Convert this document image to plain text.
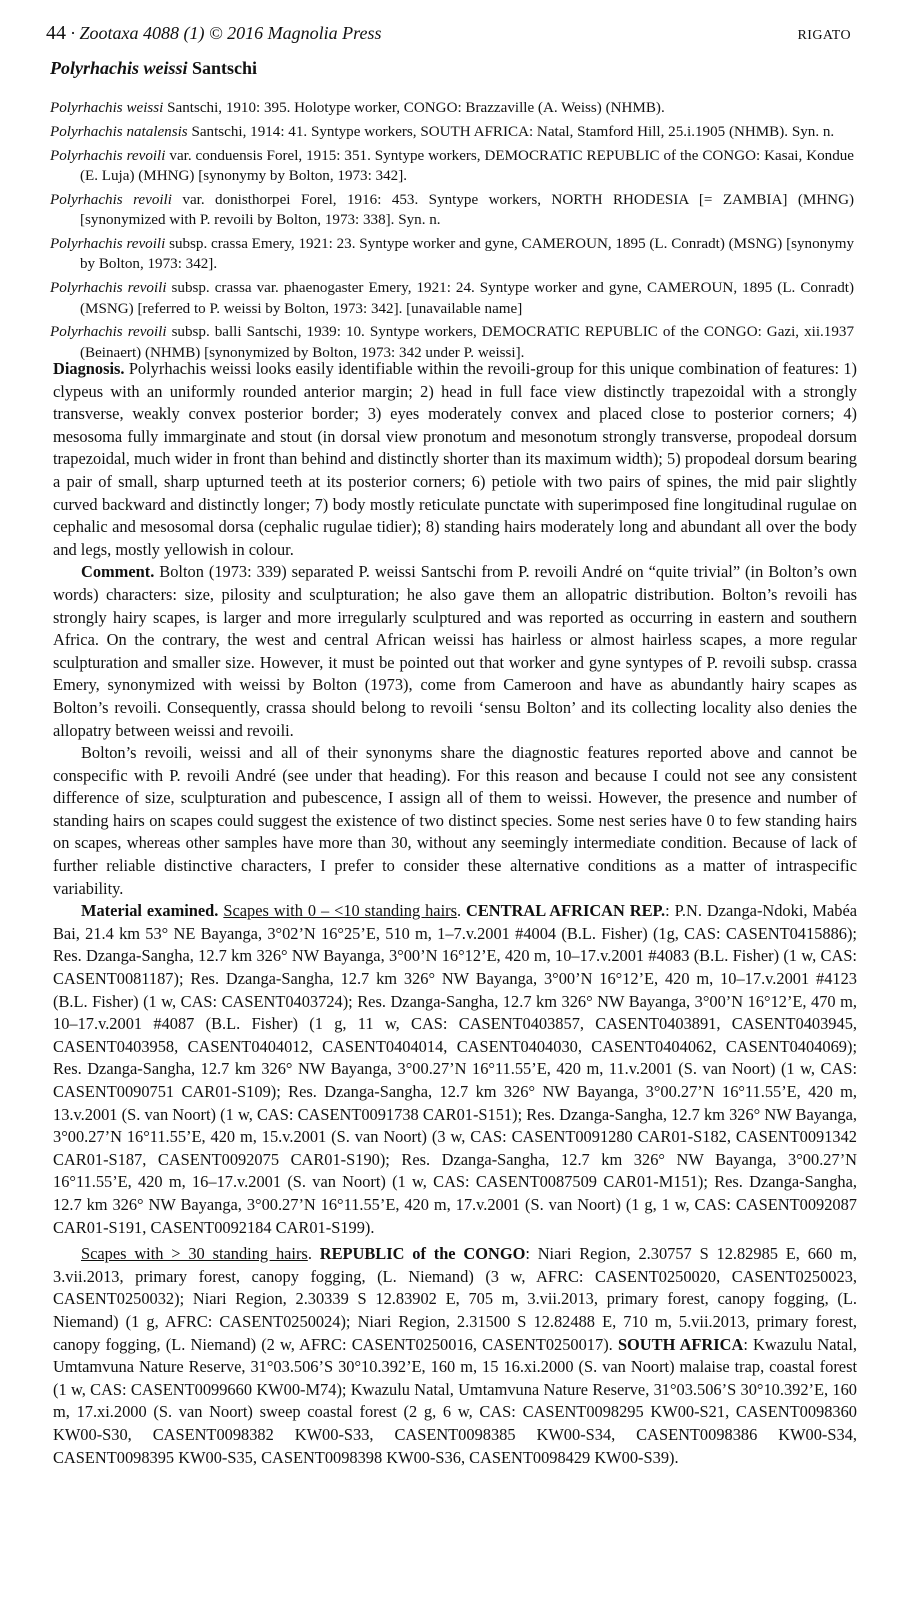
44 · Zootaxa 4088 (1) © 2016 Magnolia Press	RIGATO
Polyrhachis weissi Santschi
Polyrhachis weissi Santschi, 1910: 395. Holotype worker, CONGO: Brazzaville (A. Weiss) (NHMB).
Polyrhachis natalensis Santschi, 1914: 41. Syntype workers, SOUTH AFRICA: Natal, Stamford Hill, 25.i.1905 (NHMB). Syn. n.
Polyrhachis revoili var. conduensis Forel, 1915: 351. Syntype workers, DEMOCRATIC REPUBLIC of the CONGO: Kasai, Kondue (E. Luja) (MHNG) [synonymy by Bolton, 1973: 342].
Polyrhachis revoili var. donisthorpei Forel, 1916: 453. Syntype workers, NORTH RHODESIA [= ZAMBIA] (MHNG) [synonymized with P. revoili by Bolton, 1973: 338]. Syn. n.
Polyrhachis revoili subsp. crassa Emery, 1921: 23. Syntype worker and gyne, CAMEROUN, 1895 (L. Conradt) (MSNG) [synonymy by Bolton, 1973: 342].
Polyrhachis revoili subsp. crassa var. phaenogaster Emery, 1921: 24. Syntype worker and gyne, CAMEROUN, 1895 (L. Conradt) (MSNG) [referred to P. weissi by Bolton, 1973: 342]. [unavailable name]
Polyrhachis revoili subsp. balli Santschi, 1939: 10. Syntype workers, DEMOCRATIC REPUBLIC of the CONGO: Gazi, xii.1937 (Beinaert) (NHMB) [synonymized by Bolton, 1973: 342 under P. weissi].

Diagnosis. Polyrhachis weissi looks easily identifiable within the revoili-group for this unique combination of features: 1) clypeus with an uniformly rounded anterior margin; 2) head in full face view distinctly trapezoidal with a strongly transverse, weakly convex posterior border; 3) eyes moderately convex and placed close to posterior corners; 4) mesosoma fully immarginate and stout (in dorsal view pronotum and mesonotum strongly transverse, propodeal dorsum trapezoidal, much wider in front than behind and distinctly shorter than its maximum width); 5) propodeal dorsum bearing a pair of small, sharp upturned teeth at its posterior corners; 6) petiole with two pairs of spines, the mid pair slightly curved backward and distinctly longer; 7) body mostly reticulate punctate with superimposed fine longitudinal rugulae on cephalic and mesosomal dorsa (cephalic rugulae tidier); 8) standing hairs moderately long and abundant all over the body and legs, mostly yellowish in colour.

Comment. Bolton (1973: 339) separated P. weissi Santschi from P. revoili André on “quite trivial” (in Bolton’s own words) characters: size, pilosity and sculpturation; he also gave them an allopatric distribution. Bolton’s revoili has strongly hairy scapes, is larger and more irregularly sculptured and was reported as occurring in eastern and southern Africa. On the contrary, the west and central African weissi has hairless or almost hairless scapes, a more regular sculpturation and smaller size. However, it must be pointed out that worker and gyne syntypes of P. revoili subsp. crassa Emery, synonymized with weissi by Bolton (1973), come from Cameroon and have as abundantly hairy scapes as Bolton’s revoili. Consequently, crassa should belong to revoili ‘sensu Bolton’ and its collecting locality also denies the allopatry between weissi and revoili.

Bolton’s revoili, weissi and all of their synonyms share the diagnostic features reported above and cannot be conspecific with P. revoili André (see under that heading). For this reason and because I could not see any consistent difference of size, sculpturation and pubescence, I assign all of them to weissi. However, the presence and number of standing hairs on scapes could suggest the existence of two distinct species. Some nest series have 0 to few standing hairs on scapes, whereas other samples have more than 30, without any seemingly intermediate condition. Because of lack of further reliable distinctive characters, I prefer to consider these alternative conditions as a matter of intraspecific variability.

Material examined. Scapes with 0 – <10 standing hairs. CENTRAL AFRICAN REP.: P.N. Dzanga-Ndoki, Mabéa Bai, 21.4 km 53° NE Bayanga, 3°02’N 16°25’E, 510 m, 1–7.v.2001 #4004 (B.L. Fisher) (1g, CAS: CASENT0415886); Res. Dzanga-Sangha, 12.7 km 326° NW Bayanga, 3°00’N 16°12’E, 420 m, 10–17.v.2001 #4083 (B.L. Fisher) (1 w, CAS: CASENT0081187); Res. Dzanga-Sangha, 12.7 km 326° NW Bayanga, 3°00’N 16°12’E, 420 m, 10–17.v.2001 #4123 (B.L. Fisher) (1 w, CAS: CASENT0403724); Res. Dzanga-Sangha, 12.7 km 326° NW Bayanga, 3°00’N 16°12’E, 470 m, 10–17.v.2001 #4087 (B.L. Fisher) (1 g, 11 w, CAS: CASENT0403857, CASENT0403891, CASENT0403945, CASENT0403958, CASENT0404012, CASENT0404014, CASENT0404030, CASENT0404062, CASENT0404069); Res. Dzanga-Sangha, 12.7 km 326° NW Bayanga, 3°00.27’N 16°11.55’E, 420 m, 11.v.2001 (S. van Noort) (1 w, CAS: CASENT0090751 CAR01-S109); Res. Dzanga-Sangha, 12.7 km 326° NW Bayanga, 3°00.27’N 16°11.55’E, 420 m, 13.v.2001 (S. van Noort) (1 w, CAS: CASENT0091738 CAR01-S151); Res. Dzanga-Sangha, 12.7 km 326° NW Bayanga, 3°00.27’N 16°11.55’E, 420 m, 15.v.2001 (S. van Noort) (3 w, CAS: CASENT0091280 CAR01-S182, CASENT0091342 CAR01-S187, CASENT0092075 CAR01-S190); Res. Dzanga-Sangha, 12.7 km 326° NW Bayanga, 3°00.27’N 16°11.55’E, 420 m, 16–17.v.2001 (S. van Noort) (1 w, CAS: CASENT0087509 CAR01-M151); Res. Dzanga-Sangha, 12.7 km 326° NW Bayanga, 3°00.27’N 16°11.55’E, 420 m, 17.v.2001 (S. van Noort) (1 g, 1 w, CAS: CASENT0092087 CAR01-S191, CASENT0092184 CAR01-S199).

Scapes with > 30 standing hairs. REPUBLIC of the CONGO: Niari Region, 2.30757 S 12.82985 E, 660 m, 3.vii.2013, primary forest, canopy fogging, (L. Niemand) (3 w, AFRC: CASENT0250020, CASENT0250023, CASENT0250032); Niari Region, 2.30339 S 12.83902 E, 705 m, 3.vii.2013, primary forest, canopy fogging, (L. Niemand) (1 g, AFRC: CASENT0250024); Niari Region, 2.31500 S 12.82488 E, 710 m, 5.vii.2013, primary forest, canopy fogging, (L. Niemand) (2 w, AFRC: CASENT0250016, CASENT0250017). SOUTH AFRICA: Kwazulu Natal, Umtamvuna Nature Reserve, 31°03.506’S 30°10.392’E, 160 m, 15 16.xi.2000 (S. van Noort) malaise trap, coastal forest (1 w, CAS: CASENT0099660 KW00-M74); Kwazulu Natal, Umtamvuna Nature Reserve, 31°03.506’S 30°10.392’E, 160 m, 17.xi.2000 (S. van Noort) sweep coastal forest (2 g, 6 w, CAS: CASENT0098295 KW00-S21, CASENT0098360 KW00-S30, CASENT0098382 KW00-S33, CASENT0098385 KW00-S34, CASENT0098386 KW00-S34, CASENT0098395 KW00-S35, CASENT0098398 KW00-S36, CASENT0098429 KW00-S39).
